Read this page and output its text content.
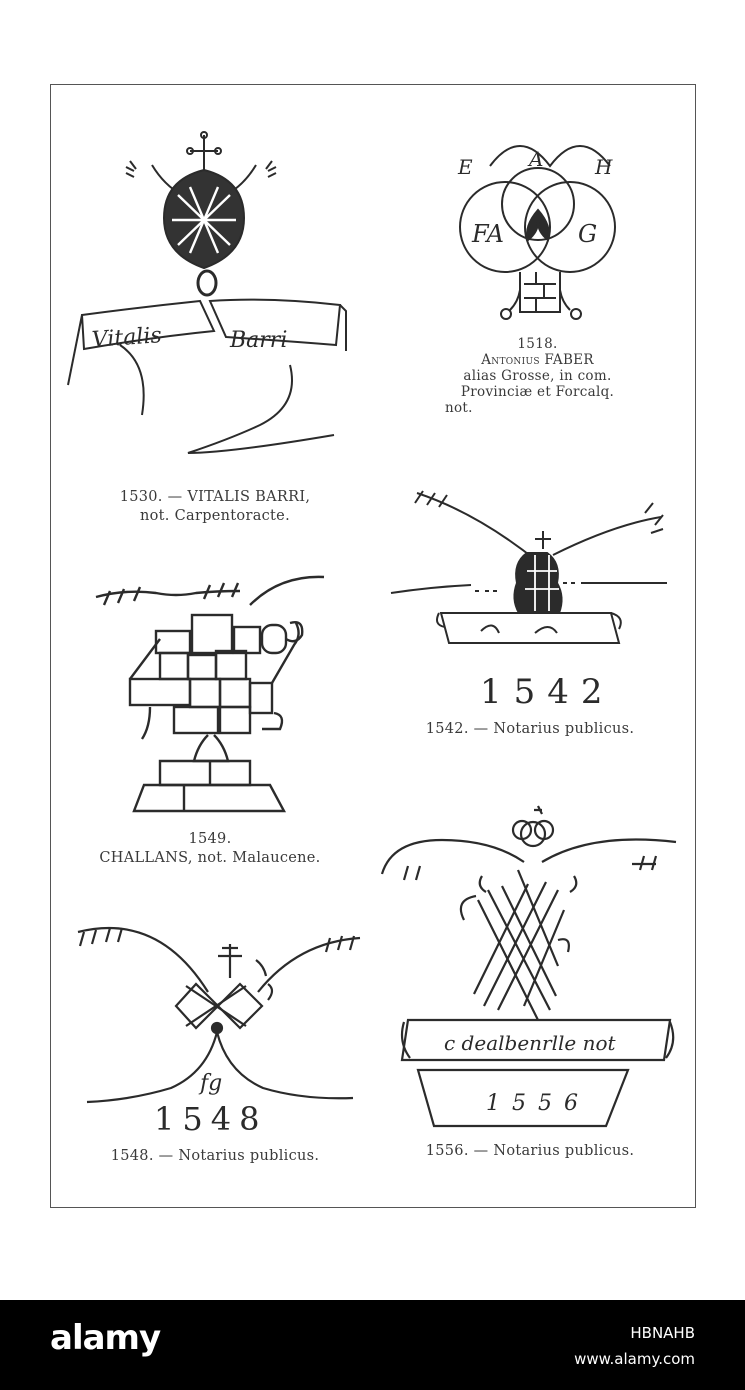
Vitalis	Barri
1530. — VITALIS BARRI,
not. Carpentoracte.
E	A	H
FA	G
1518.
Antonius FABER
alias Grosse, in com.
Provinciæ et Forcalq.
not.
1542
1542. — Notarius publicus.
1549.
CHALLANS, not. Malaucene.
fg
1548
1548. — Notarius publicus.
c dealbenrlle not
1556
1556. — Notarius publicus.
alamy	HBNAHB
www.alamy.com
